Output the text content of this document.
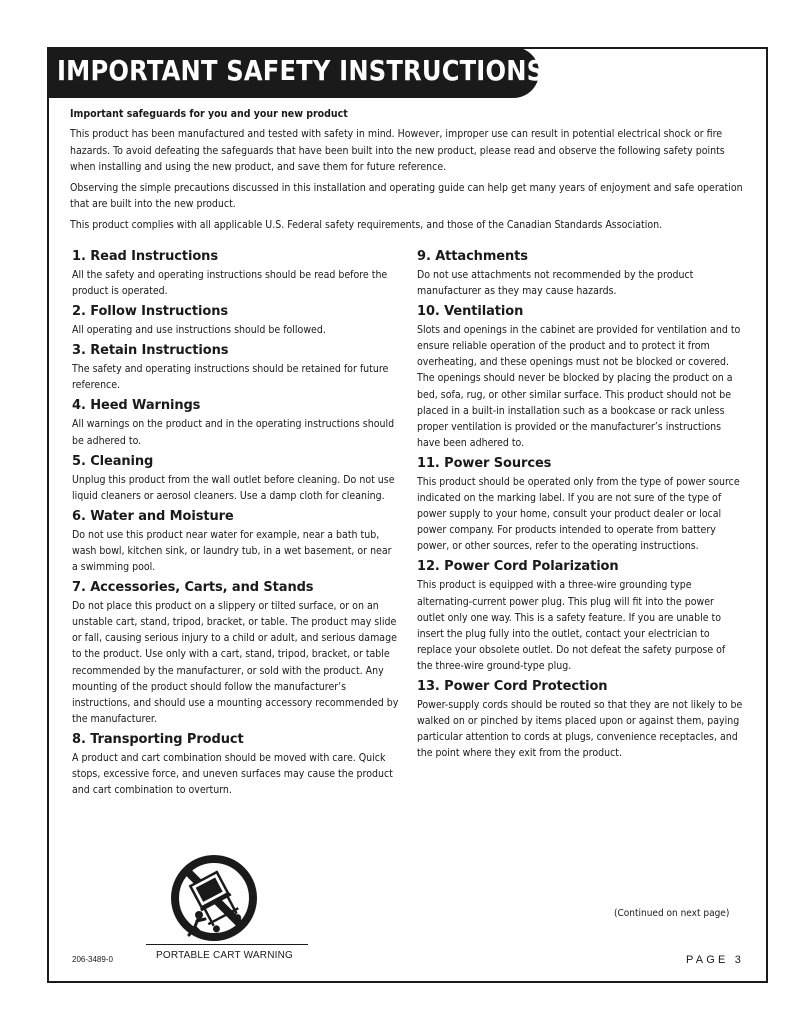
IMPORTANT SAFETY INSTRUCTIONS
Important safeguards for you and your new product

This product has been manufactured and tested with safety in mind. However, improper use can result in potential electrical shock or fire hazards. To avoid defeating the safeguards that have been built into the new product, please read and observe the following safety points when installing and using the new product, and save them for future reference.

Observing the simple precautions discussed in this installation and operating guide can help get many years of enjoyment and safe operation that are built into the new product.

This product complies with all applicable U.S. Federal safety requirements, and those of the Canadian Standards Association.

1. Read Instructions

All the safety and operating instructions should be read before the product is operated.

2. Follow Instructions

All operating and use instructions should be followed.

3. Retain Instructions

The safety and operating instructions should be retained for future reference.

4. Heed Warnings

All warnings on the product and in the operating instructions should be adhered to.

5. Cleaning

Unplug this product from the wall outlet before cleaning. Do not use liquid cleaners or aerosol cleaners. Use a damp cloth for cleaning.

6. Water and Moisture

Do not use this product near water for example, near a bath tub, wash bowl, kitchen sink, or laundry tub, in a wet basement, or near a swimming pool.

7. Accessories, Carts, and Stands

Do not place this product on a slippery or tilted surface, or on an unstable cart, stand, tripod, bracket, or table. The product may slide or fall, causing serious injury to a child or adult, and serious damage to the product. Use only with a cart, stand, tripod, bracket, or table recommended by the manufacturer, or sold with the product. Any mounting of the product should follow the manufacturer’s instructions, and should use a mounting accessory recommended by the manufacturer.

8. Transporting Product

A product and cart combination should be moved with care. Quick stops, excessive force, and uneven surfaces may cause the product and cart combination to overturn.

9. Attachments

Do not use attachments not recommended by the product manufacturer as they may cause hazards.

10. Ventilation

Slots and openings in the cabinet are provided for ventilation and to ensure reliable operation of the product and to protect it from overheating, and these openings must not be blocked or covered. The openings should never be blocked by placing the product on a bed, sofa, rug, or other similar surface. This product should not be placed in a built-in installation such as a bookcase or rack unless proper ventilation is provided or the manufacturer’s instructions have been adhered to.

11. Power Sources

This product should be operated only from the type of power source indicated on the marking label. If you are not sure of the type of power supply to your home, consult your product dealer or local power company. For products intended to operate from battery power, or other sources, refer to the operating instructions.

12. Power Cord Polarization

This product is equipped with a three-wire grounding type alternating-current power plug. This plug will fit into the power outlet only one way. This is a safety feature. If you are unable to insert the plug fully into the outlet, contact your electrician to replace your obsolete outlet. Do not defeat the safety purpose of the three-wire ground-type plug.

13. Power Cord Protection

Power-supply cords should be routed so that they are not likely to be walked on or pinched by items placed upon or against them, paying particular attention to cords at plugs, convenience receptacles, and the point where they exit from the product.

PORTABLE CART WARNING
206-3489-0
(Continued on next page)
PAGE 3
